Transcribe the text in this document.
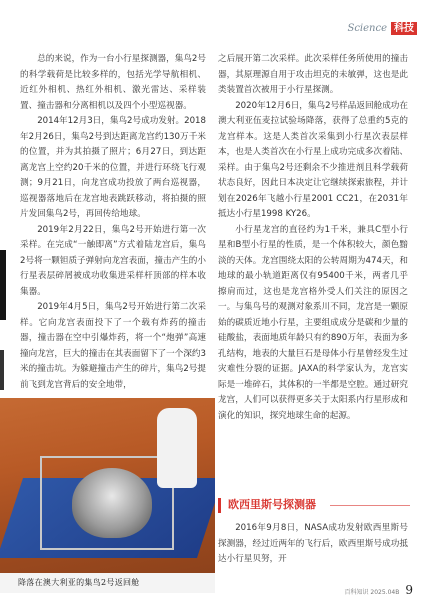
Science 科技

总的来说，作为一台小行星探测器，集鸟2号的科学载荷是比较多样的，包括光学导航相机、近红外相机、热红外相机、激光雷达、采样装置、撞击器和分离相机以及四个小型巡视器。

2014年12月3日，集鸟2号成功发射。2018年2月26日，集鸟2号到达距离龙宫约130万千米的位置，并为其拍摄了照片；6月27日，到达距离龙宫上空约20千米的位置，并进行环绕飞行观测；9月21日，向龙宫成功投放了两台巡视器，巡视器落地后在龙宫地表跳跃移动，将拍摄的照片发回集鸟2号，再回传给地球。

2019年2月22日，集鸟2号开始进行第一次采样。在完成“一触即离”方式着陆龙宫后，集鸟2号将一颗钽质子弹射向龙宫表面，撞击产生的小行星表层碎屑被成功收集进采样杆顶部的样本收集器。

2019年4月5日，集鸟2号开始进行第二次采样。它向龙宫表面投下了一个载有炸药的撞击器，撞击器在空中引爆炸药，将一个“炮弹”高速撞向龙宫，巨大的撞击在其表面留下了一个深约3米的撞击坑。为躲避撞击产生的碎片，集鸟2号提前飞到龙宫背后的安全地带，

之后展开第二次采样。此次采样任务所使用的撞击器，其原理源自用于攻击坦克的未敏弹，这也是此类装置首次被用于小行星探测。

2020年12月6日，集鸟2号样品返回舱成功在澳大利亚伍麦拉试验场降落，获得了总重约5克的龙宫样本。这是人类首次采集到小行星次表层样本，也是人类首次在小行星上成功完成多次着陆、采样。由于集鸟2号还剩余不少推进剂且科学载荷状态良好，因此日本决定让它继续探索旅程，并计划在2026年飞越小行星2001 CC21，在2031年抵达小行星1998 KY26。

小行星龙宫的直径约为1千米，兼具C型小行星和B型小行星的性质，是一个体积较大，颜色黯淡的天体。龙宫围绕太阳的公转周期为474天，和地球的最小轨道距离仅有95400千米，两者几乎擦肩而过，这也是龙宫格外受人们关注的原因之一。与集鸟号的观测对象系川不同，龙宫是一颗原始的碳质近地小行星，主要组成成分是碳和少量的硅酸盐，表面地质年龄只有约890万年，表面为多孔结构，地表的大量巨石是母体小行星曾经发生过灾难性分裂的证据。JAXA的科学家认为，龙宫实际是一堆碎石，其体积的一半都是空腔。通过研究龙宫，人们可以获得更多关于太阳系内行星形成和演化的知识，探究地球生命的起源。

欧西里斯号探测器

2016年9月8日，NASA成功发射欧西里斯号探测器，经过近两年的飞行后，欧西里斯号成功抵达小行星贝努，开

降落在澳大利亚的集鸟2号返回舱
百科知识 2025.04B 9
